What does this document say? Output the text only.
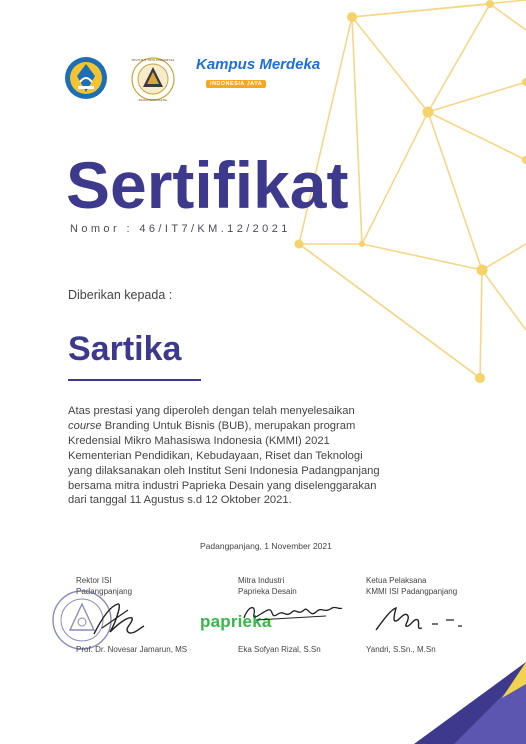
INSTITUT SENI INDONESIA
PADANGPANJANG
Kampus Merdeka
INDONESIA JAYA
Sertifikat
Nomor : 46/IT7/KM.12/2021
Diberikan kepada :
Sartika
Atas prestasi yang diperoleh dengan telah menyelesaikan
course Branding Untuk Bisnis (BUB), merupakan program
Kredensial Mikro Mahasiswa Indonesia (KMMI) 2021
Kementerian Pendidikan, Kebudayaan, Riset dan Teknologi
yang dilaksanakan oleh Institut Seni Indonesia Padangpanjang
bersama mitra industri Paprieka Desain yang diselenggarakan
dari tanggal 11 Agustus s.d 12 Oktober 2021.
Padangpanjang, 1 November 2021
Rektor ISI
Padangpanjang
Prof. Dr. Novesar Jamarun, MS
Mitra Industri
Paprieka Desain
paprieka
Eka Sofyan Rizal, S.Sn
Ketua Pelaksana
KMMI ISI Padangpanjang
Yandri, S.Sn., M.Sn
